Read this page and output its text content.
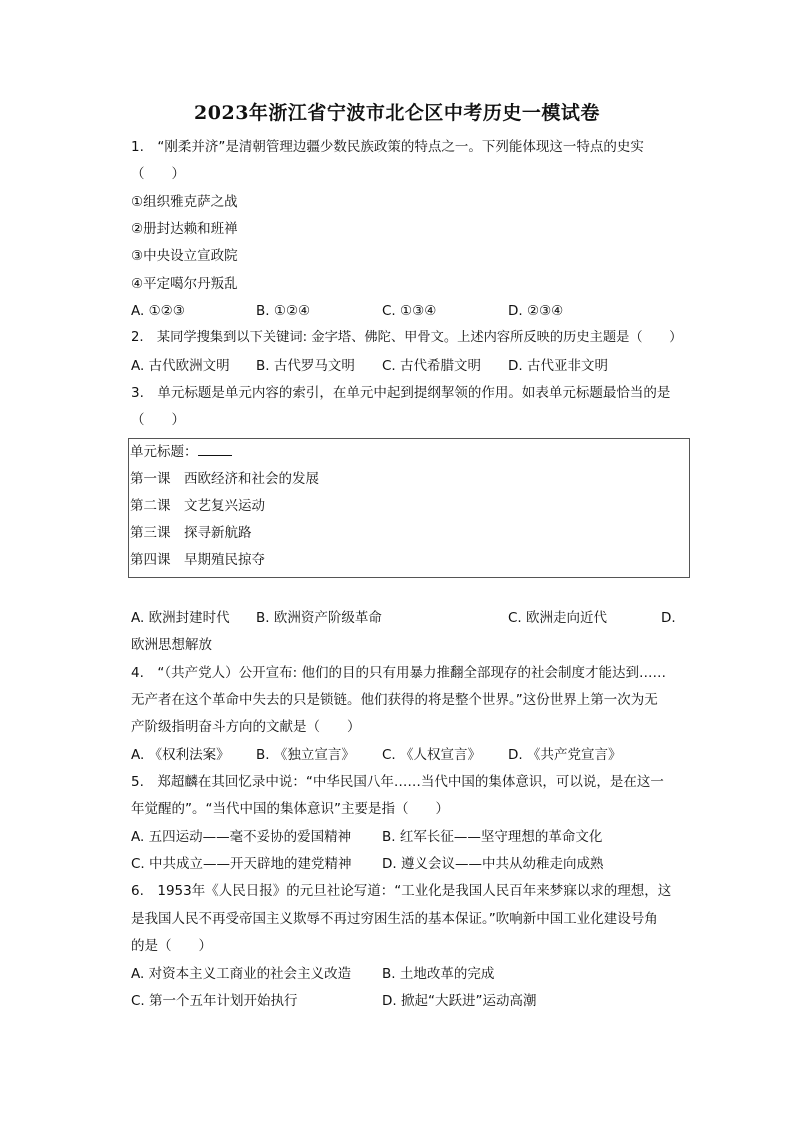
2023年浙江省宁波市北仑区中考历史一模试卷
1.　“刚柔并济”是清朝管理边疆少数民族政策的特点之一。下列能体现这一特点的史实
（　　）
①组织雅克萨之战
②册封达赖和班禅
③中央设立宣政院
④平定噶尔丹叛乱
A. ①②③	B. ①②④	C. ①③④	D. ②③④
2.　某同学搜集到以下关键词: 金字塔、佛陀、甲骨文。上述内容所反映的历史主题是（　　）
A. 古代欧洲文明 B. 古代罗马文明 C. 古代希腊文明 D. 古代亚非文明
3.　单元标题是单元内容的索引，在单元中起到提纲挈领的作用。如表单元标题最恰当的是
（　　）
单元标题：
第一课　西欧经济和社会的发展
第二课　文艺复兴运动
第三课　探寻新航路
第四课　早期殖民掠夺
A. 欧洲封建时代 B. 欧洲资产阶级革命	C. 欧洲走向近代	D.
欧洲思想解放
4.　“（共产党人）公开宣布: 他们的目的只有用暴力推翻全部现存的社会制度才能达到……
无产者在这个革命中失去的只是锁链。他们获得的将是整个世界。”这份世界上第一次为无
产阶级指明奋斗方向的文献是（　　）
A. 《权利法案》 B. 《独立宣言》 C. 《人权宣言》 D. 《共产党宣言》
5.　郑超麟在其回忆录中说：“中华民国八年……当代中国的集体意识，可以说，是在这一
年觉醒的”。“当代中国的集体意识”主要是指（　　）
A. 五四运动——毫不妥协的爱国精神 B. 红军长征——坚守理想的革命文化
C. 中共成立——开天辟地的建党精神 D. 遵义会议——中共从幼稚走向成熟
6.　1953年《人民日报》的元旦社论写道：“工业化是我国人民百年来梦寐以求的理想，这
是我国人民不再受帝国主义欺辱不再过穷困生活的基本保证。”吹响新中国工业化建设号角
的是（　　）
A. 对资本主义工商业的社会主义改造 B. 土地改革的完成
C. 第一个五年计划开始执行	D. 掀起“大跃进”运动高潮
